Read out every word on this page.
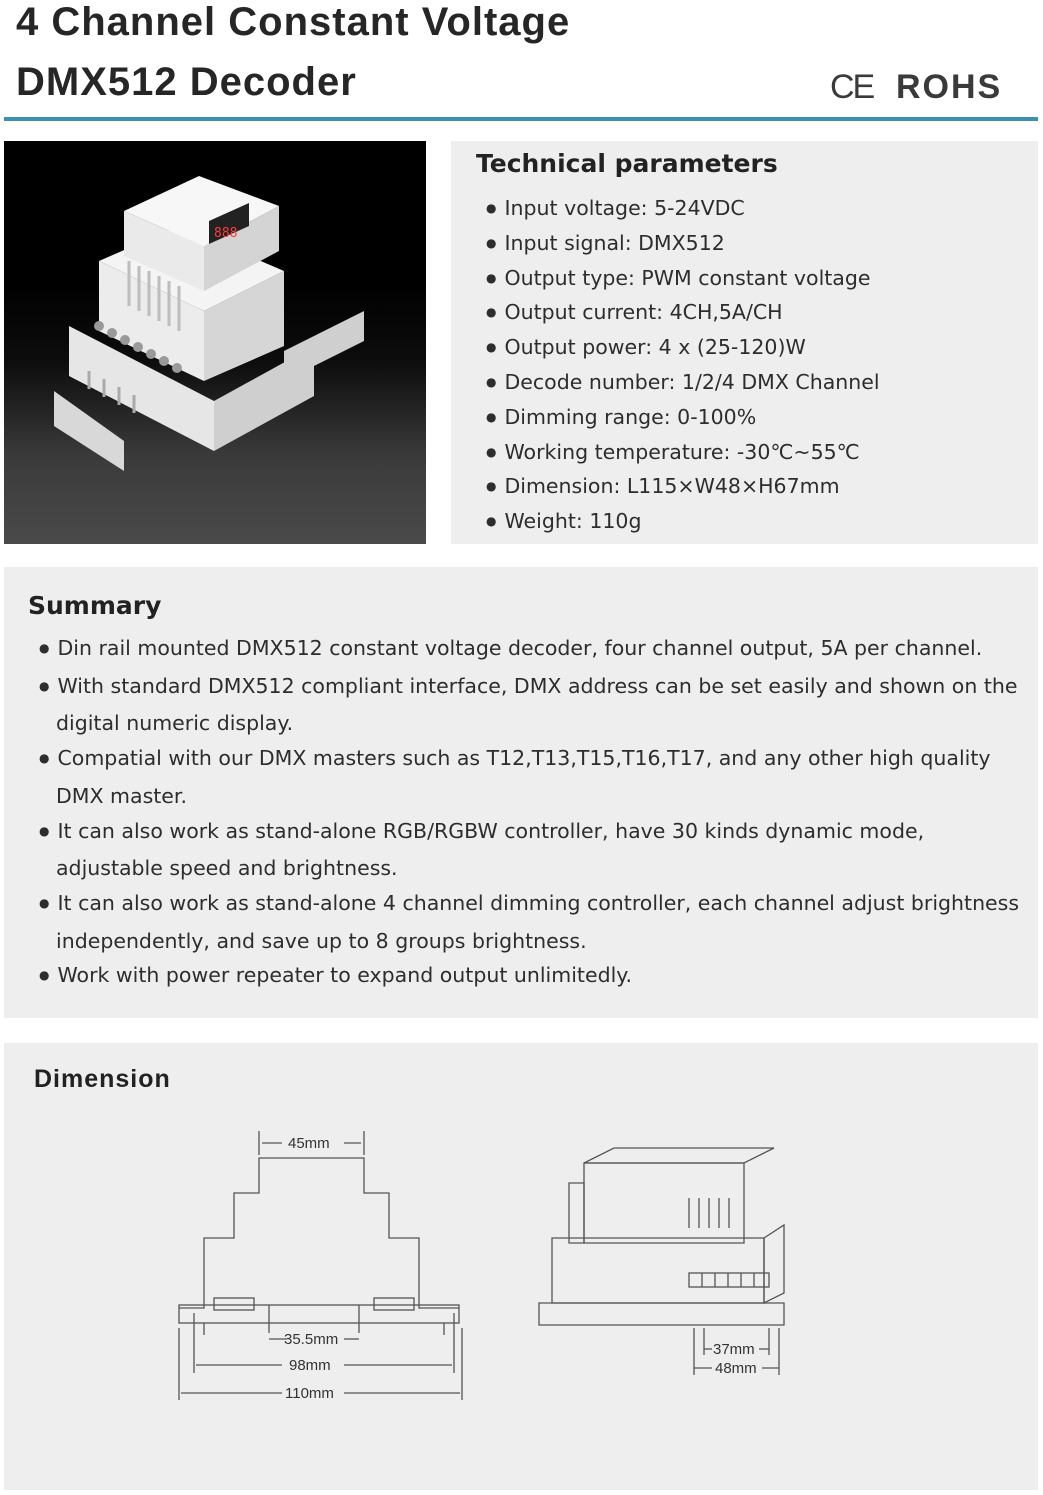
4 Channel Constant Voltage
DMX512 Decoder	CE ROHS
888
Technical parameters
● Input voltage: 5-24VDC
● Input signal: DMX512
● Output type: PWM constant voltage
● Output current: 4CH,5A/CH
● Output power: 4 x (25-120)W
● Decode number: 1/2/4 DMX Channel
● Dimming range: 0-100%
● Working temperature: -30℃~55℃
● Dimension: L115×W48×H67mm
● Weight: 110g
Summary
● Din rail mounted DMX512 constant voltage decoder, four channel output, 5A per channel.
● With standard DMX512 compliant interface, DMX address can be set easily and shown on the digital numeric display.
● Compatial with our DMX masters such as T12,T13,T15,T16,T17, and any other high quality DMX master.
● It can also work as stand-alone RGB/RGBW controller, have 30 kinds dynamic mode, adjustable speed and brightness.
● It can also work as stand-alone 4 channel dimming controller, each channel adjust brightness independently, and save up to 8 groups brightness.
● Work with power repeater to expand output unlimitedly.
Dimension
45mm
35.5mm
98mm
110mm
37mm
48mm
